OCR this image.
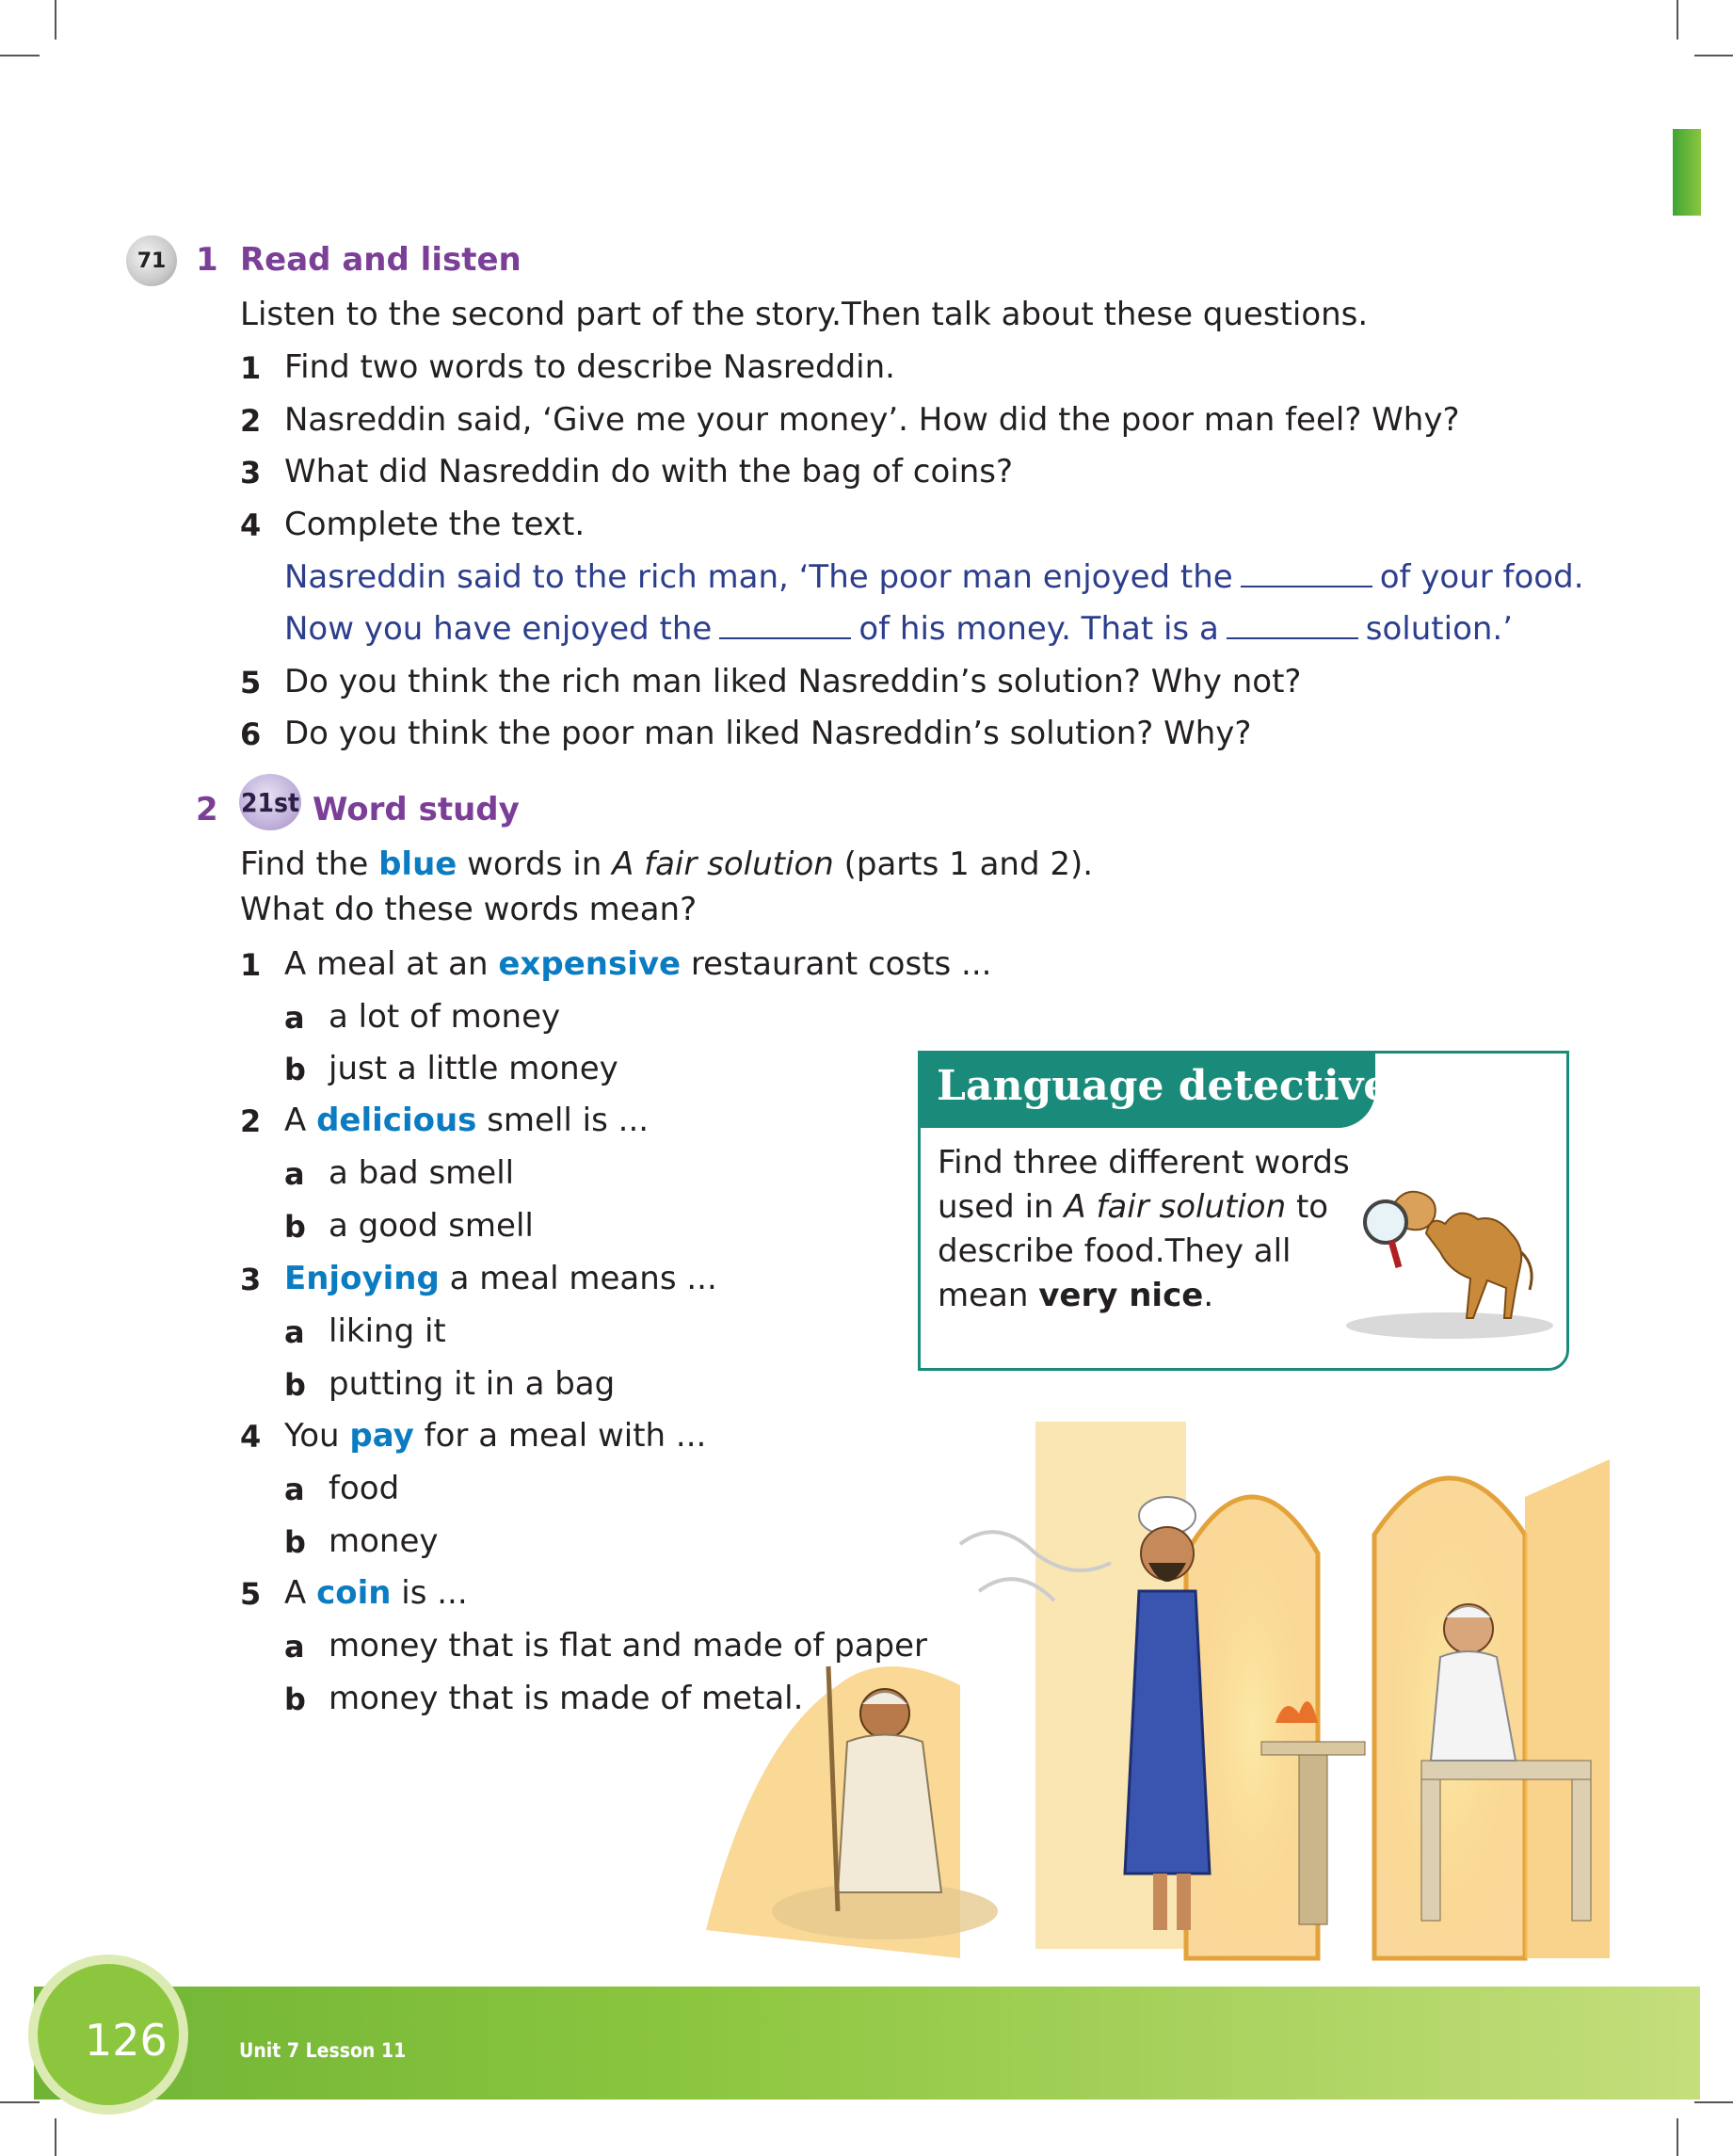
71 1 Read and listen
Listen to the second part of the story.Then talk about these questions.
1 Find two words to describe Nasreddin.
2 Nasreddin said, ‘Give me your money’. How did the poor man feel? Why?
3 What did Nasreddin do with the bag of coins?
4 Complete the text.
Nasreddin said to the rich man, ‘The poor man enjoyed the	of your food.
Now you have enjoyed the	of his money. That is a	solution.’
5 Do you think the rich man liked Nasreddin’s solution? Why not?
6 Do you think the poor man liked Nasreddin’s solution? Why?
2 21st Word study
Find the blue words in A fair solution (parts 1 and 2).
What do these words mean?
1 A meal at an expensive restaurant costs ...
a a lot of money
b just a little money
2 A delicious smell is ...
a a bad smell
b a good smell
3 Enjoying a meal means ...
a liking it
b putting it in a bag
4 You pay for a meal with ...
a food
b money
5 A coin is ...
a money that is flat and made of paper
b money that is made of metal.
Language detective
Find three different words used in A fair solution to describe food.They all mean very nice.
126	Unit 7 Lesson 11
